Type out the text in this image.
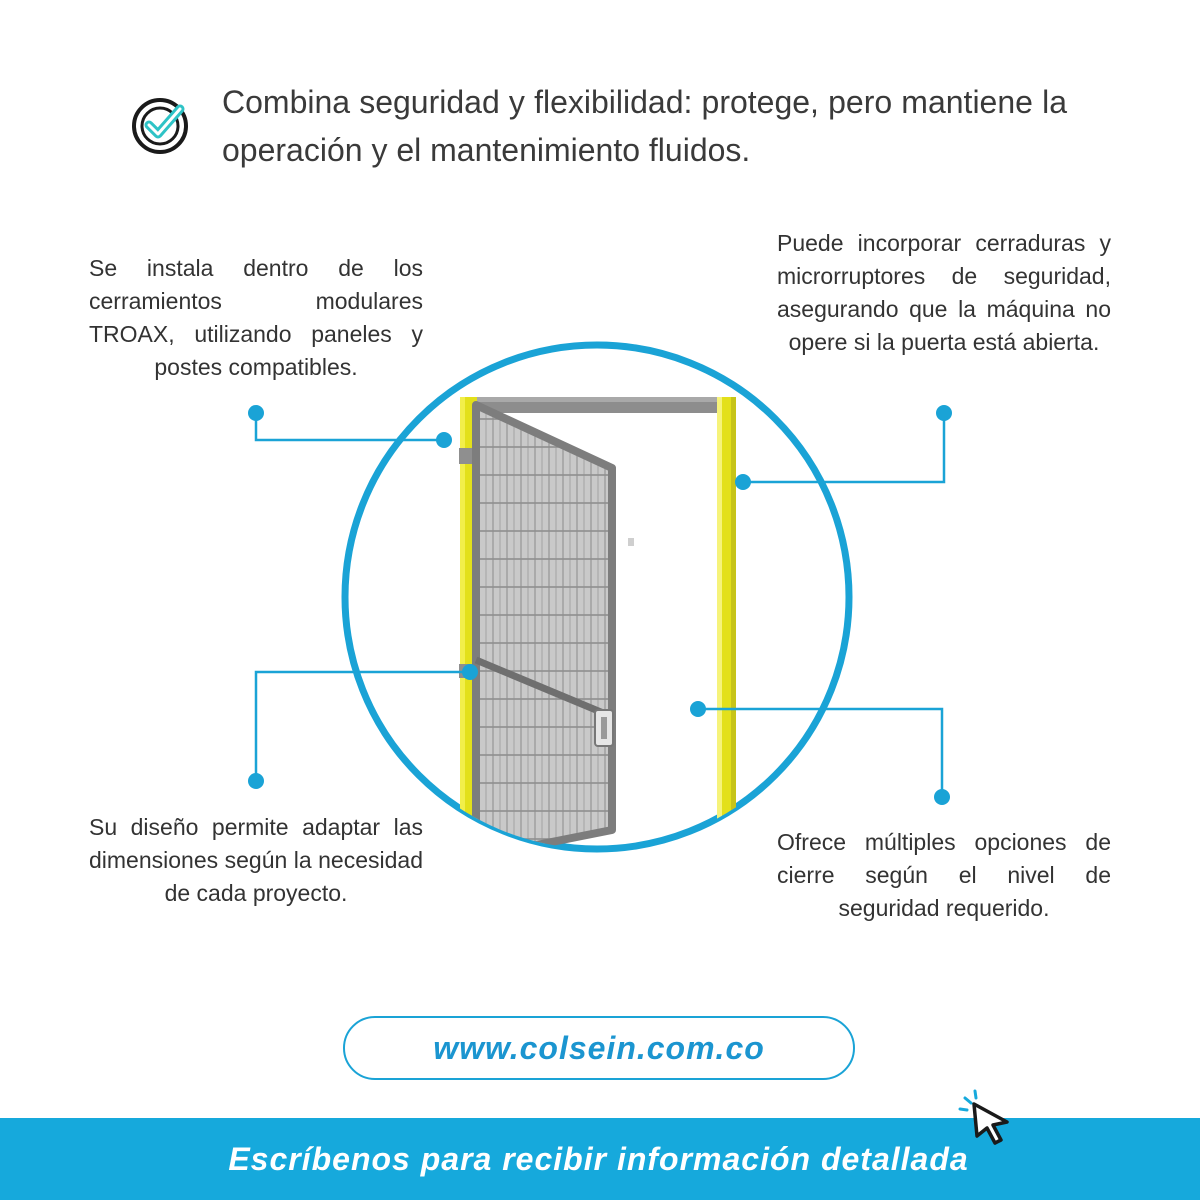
Combina seguridad y flexibilidad: protege, pero mantiene la operación y el mantenimiento fluidos.

Se instala dentro de los cerramientos modulares TROAX, utilizando paneles y postes compatibles.

Puede incorporar cerraduras y microrruptores de seguridad, asegurando que la máquina no opere si la puerta está abierta.

Su diseño permite adaptar las dimensiones según la necesidad de cada proyecto.

Ofrece múltiples opciones de cierre según el nivel de seguridad requerido.

www.colsein.com.co
Escríbenos para recibir información detallada
